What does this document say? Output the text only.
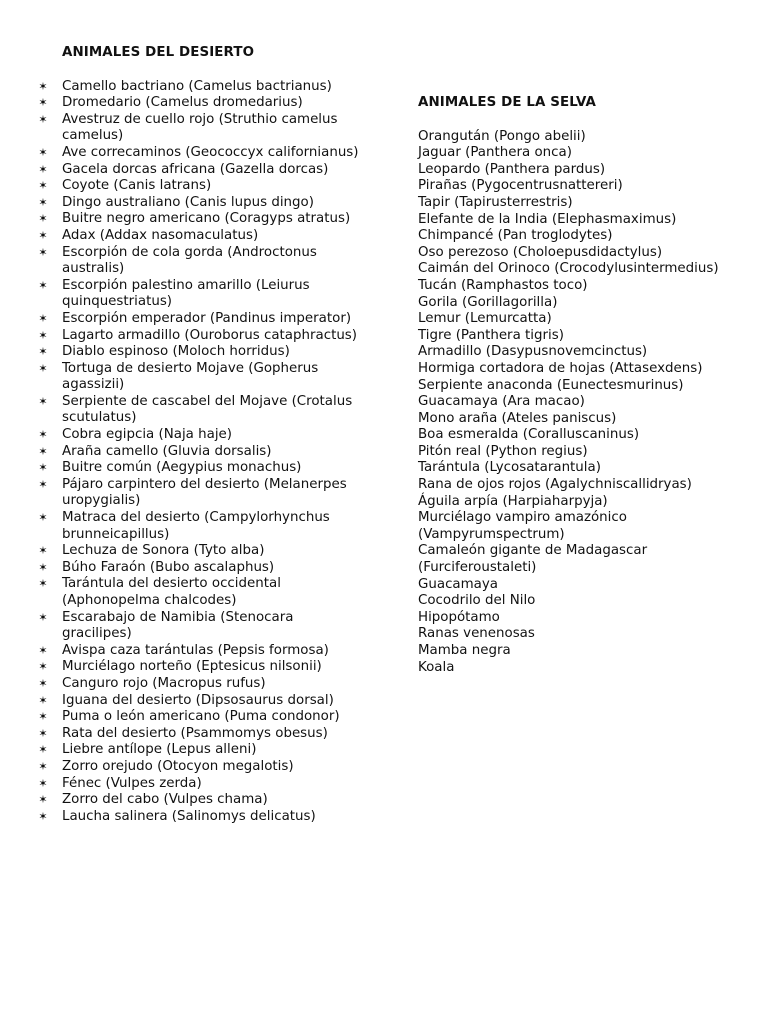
ANIMALES DEL DESIERTO
✶ Camello bactriano (Camelus bactrianus)
✶ Dromedario (Camelus dromedarius)
✶ Avestruz de cuello rojo (Struthio camelus camelus)
✶ Ave correcaminos (Geococcyx californianus)
✶ Gacela dorcas africana (Gazella dorcas)
✶ Coyote (Canis latrans)
✶ Dingo australiano (Canis lupus dingo)
✶ Buitre negro americano (Coragyps atratus)
✶ Adax (Addax nasomaculatus)
✶ Escorpión de cola gorda (Androctonus australis)
✶ Escorpión palestino amarillo (Leiurus quinquestriatus)
✶ Escorpión emperador (Pandinus imperator)
✶ Lagarto armadillo (Ouroborus cataphractus)
✶ Diablo espinoso (Moloch horridus)
✶ Tortuga de desierto Mojave (Gopherus agassizii)
✶ Serpiente de cascabel del Mojave (Crotalus scutulatus)
✶ Cobra egipcia (Naja haje)
✶ Araña camello (Gluvia dorsalis)
✶ Buitre común (Aegypius monachus)
✶ Pájaro carpintero del desierto (Melanerpes uropygialis)
✶ Matraca del desierto (Campylorhynchus brunneicapillus)
✶ Lechuza de Sonora (Tyto alba)
✶ Búho Faraón (Bubo ascalaphus)
✶ Tarántula del desierto occidental (Aphonopelma chalcodes)
✶ Escarabajo de Namibia (Stenocara gracilipes)
✶ Avispa caza tarántulas (Pepsis formosa)
✶ Murciélago norteño (Eptesicus nilsonii)
✶ Canguro rojo (Macropus rufus)
✶ Iguana del desierto (Dipsosaurus dorsal)
✶ Puma o león americano (Puma condonor)
✶ Rata del desierto (Psammomys obesus)
✶ Liebre antílope (Lepus alleni)
✶ Zorro orejudo (Otocyon megalotis)
✶ Fénec (Vulpes zerda)
✶ Zorro del cabo (Vulpes chama)
✶ Laucha salinera (Salinomys delicatus)
ANIMALES DE LA SELVA
Orangután (Pongo abelii)
Jaguar (Panthera onca)
Leopardo (Panthera pardus)
Pirañas (Pygocentrusnattereri)
Tapir (Tapirusterrestris)
Elefante de la India (Elephasmaximus)
Chimpancé (Pan troglodytes)
Oso perezoso (Choloepusdidactylus)
Caimán del Orinoco (Crocodylusintermedius)
Tucán (Ramphastos toco)
Gorila (Gorillagorilla)
Lemur (Lemurcatta)
Tigre (Panthera tigris)
Armadillo (Dasypusnovemcinctus)
Hormiga cortadora de hojas (Attasexdens)
Serpiente anaconda (Eunectesmurinus)
Guacamaya (Ara macao)
Mono araña (Ateles paniscus)
Boa esmeralda (Coralluscaninus)
Pitón real (Python regius)
Tarántula (Lycosatarantula)
Rana de ojos rojos (Agalychniscallidryas)
Águila arpía (Harpiaharpyja)
Murciélago vampiro amazónico (Vampyrumspectrum)
Camaleón gigante de Madagascar (Furciferoustaleti)
Guacamaya
Cocodrilo del Nilo
Hipopótamo
Ranas venenosas
Mamba negra
Koala
